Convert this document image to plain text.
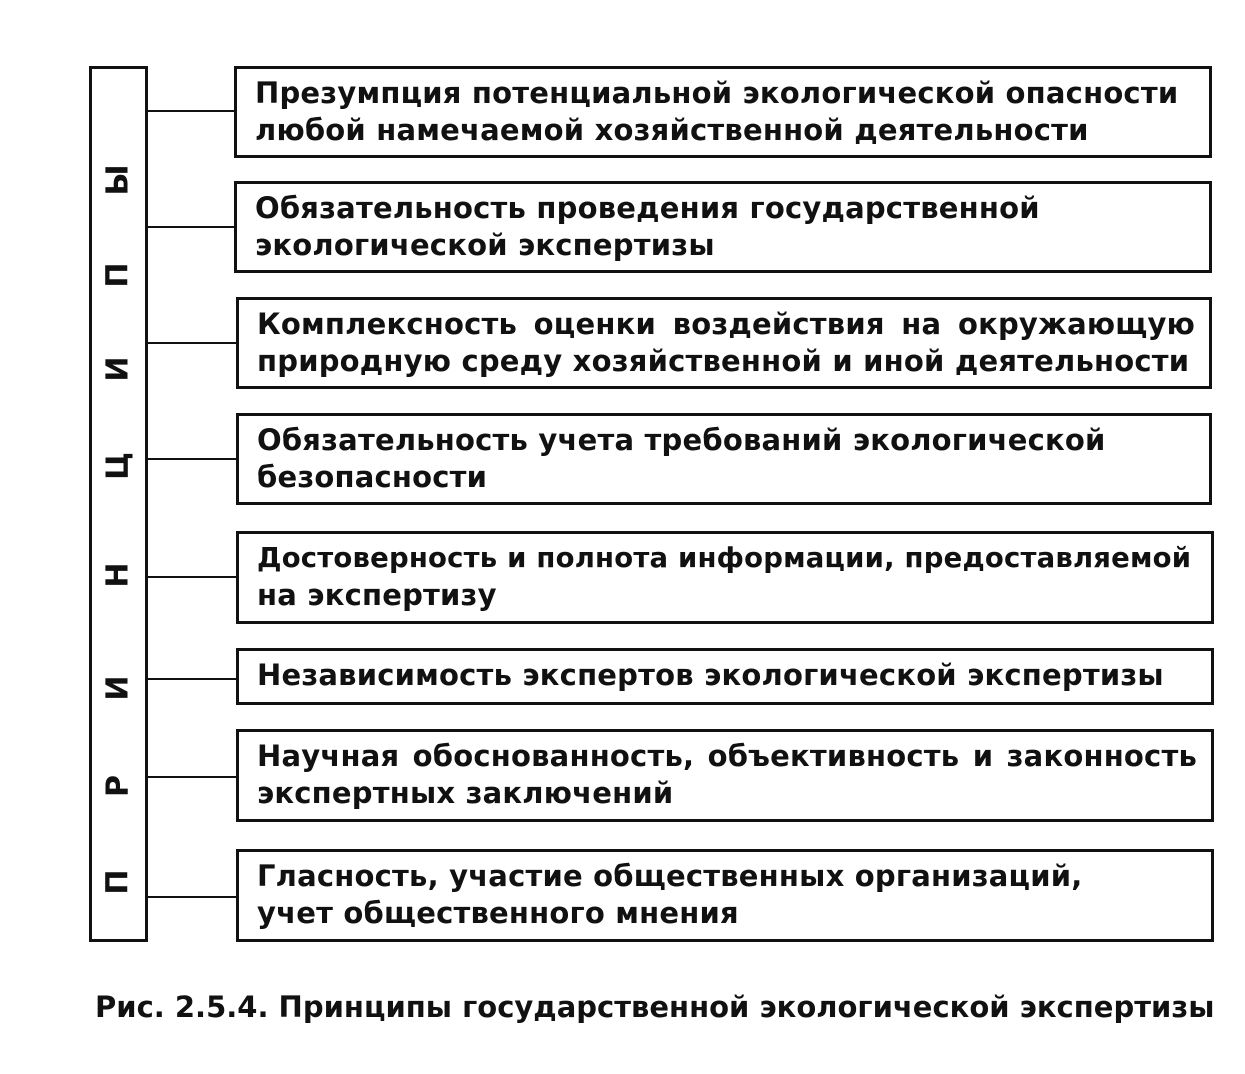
П
Р
И
Н
Ц
И
П
Ы
Презумпция потенциальной экологической опасности
любой намечаемой хозяйственной деятельности
Обязательность проведения государственной
экологической экспертизы
Комплексность оценки воздействия на окружающую
природную среду хозяйственной и иной деятельности
Обязательность учета требований экологической
безопасности
Достоверность и полнота информации, предоставляемой
на экспертизу
Независимость экспертов экологической экспертизы
Научная обоснованность, объективность и законность
экспертных заключений
Гласность, участие общественных организаций,
учет общественного мнения
Рис. 2.5.4. Принципы государственной экологической экспертизы
